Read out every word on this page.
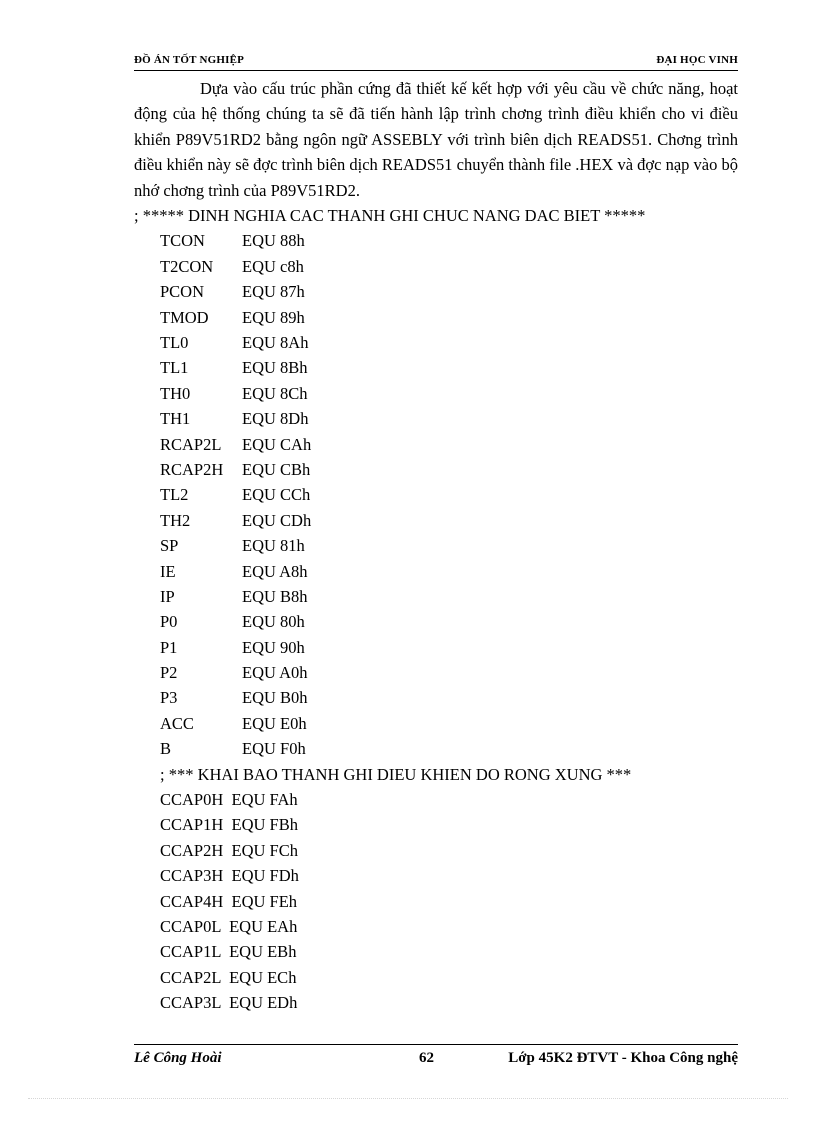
ĐỒ ÁN TỐT NGHIỆP	ĐẠI HỌC VINH

Dựa vào cấu trúc phần cứng đã thiết kế kết hợp với yêu cầu về chức năng, hoạt động của hệ thống chúng ta sẽ đã tiến hành lập trình chơng trình điều khiển cho vi điều khiển P89V51RD2 bằng ngôn ngữ ASSEBLY với trình biên dịch READS51. Chơng trình điều khiển này sẽ đợc trình biên dịch READS51 chuyển thành file .HEX và đợc nạp vào bộ nhớ chơng trình của P89V51RD2.

; ***** DINH NGHIA CAC THANH GHI CHUC NANG DAC BIET *****

TCON EQU 88h
T2CON EQU c8h
PCON EQU 87h
TMOD EQU 89h
TL0	EQU 8Ah
TL1	EQU 8Bh
TH0	EQU 8Ch
TH1	EQU 8Dh
RCAP2L EQU CAh
RCAP2H EQU CBh
TL2	EQU CCh
TH2	EQU CDh
SP	EQU 81h
IE	EQU A8h
IP	EQU B8h
P0	EQU 80h
P1	EQU 90h
P2	EQU A0h
P3	EQU B0h
ACC	EQU E0h
B	EQU F0h

; *** KHAI BAO THANH GHI DIEU KHIEN DO RONG XUNG ***

CCAP0H  EQU FAh
CCAP1H  EQU FBh
CCAP2H  EQU FCh
CCAP3H  EQU FDh
CCAP4H  EQU FEh
CCAP0L  EQU EAh
CCAP1L  EQU EBh
CCAP2L  EQU ECh
CCAP3L  EQU EDh
Lê Công Hoài	62	Lớp 45K2 ĐTVT - Khoa Công nghệ
